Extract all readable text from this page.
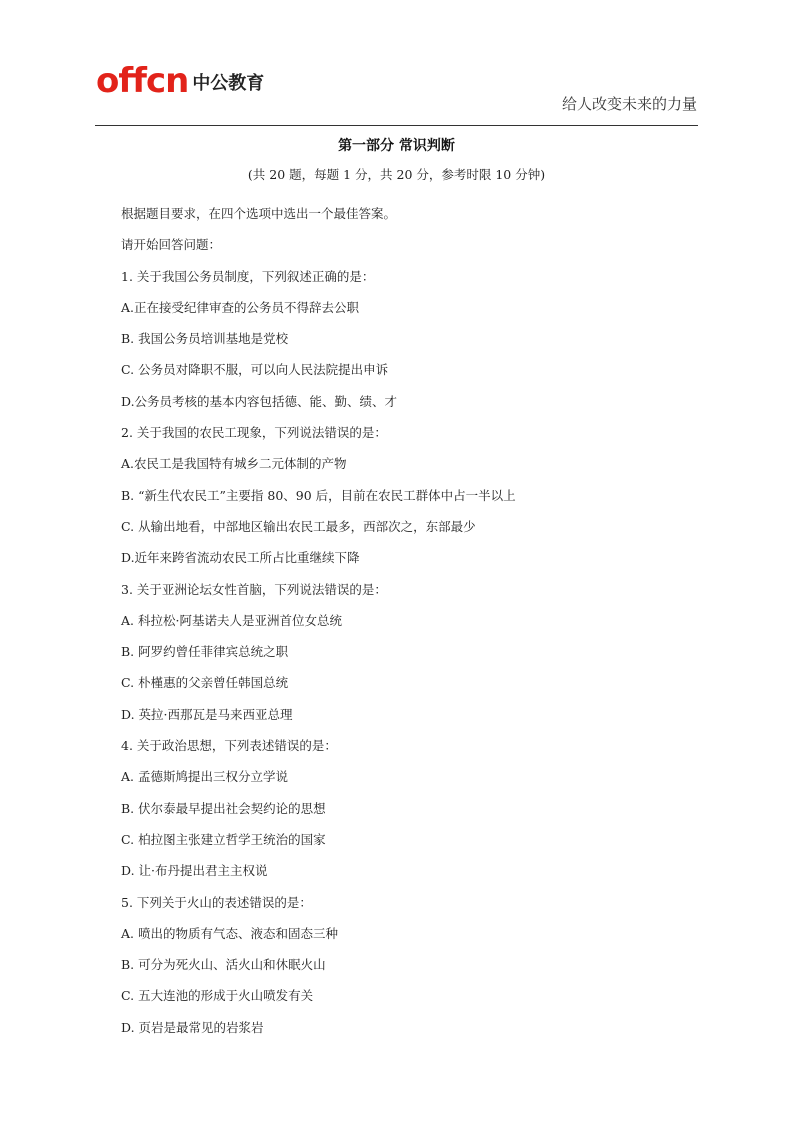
offcn 中公教育
给人改变未来的力量
第一部分 常识判断
(共 20 题，每题 1 分，共 20 分，参考时限 10 分钟)
根据题目要求，在四个选项中选出一个最佳答案。
请开始回答问题：
1. 关于我国公务员制度，下列叙述正确的是：
A.正在接受纪律审查的公务员不得辞去公职
B. 我国公务员培训基地是党校
C. 公务员对降职不服，可以向人民法院提出申诉
D.公务员考核的基本内容包括德、能、勤、绩、才
2. 关于我国的农民工现象，下列说法错误的是：
A.农民工是我国特有城乡二元体制的产物
B. “新生代农民工”主要指 80、90 后，目前在农民工群体中占一半以上
C. 从输出地看，中部地区输出农民工最多，西部次之，东部最少
D.近年来跨省流动农民工所占比重继续下降
3. 关于亚洲论坛女性首脑，下列说法错误的是：
A. 科拉松·阿基诺夫人是亚洲首位女总统
B. 阿罗约曾任菲律宾总统之职
C. 朴槿惠的父亲曾任韩国总统
D. 英拉·西那瓦是马来西亚总理
4. 关于政治思想，下列表述错误的是：
A. 孟德斯鸠提出三权分立学说
B. 伏尔泰最早提出社会契约论的思想
C. 柏拉图主张建立哲学王统治的国家
D. 让·布丹提出君主主权说
5. 下列关于火山的表述错误的是：
A. 喷出的物质有气态、液态和固态三种
B. 可分为死火山、活火山和休眠火山
C. 五大连池的形成于火山喷发有关
D. 页岩是最常见的岩浆岩
